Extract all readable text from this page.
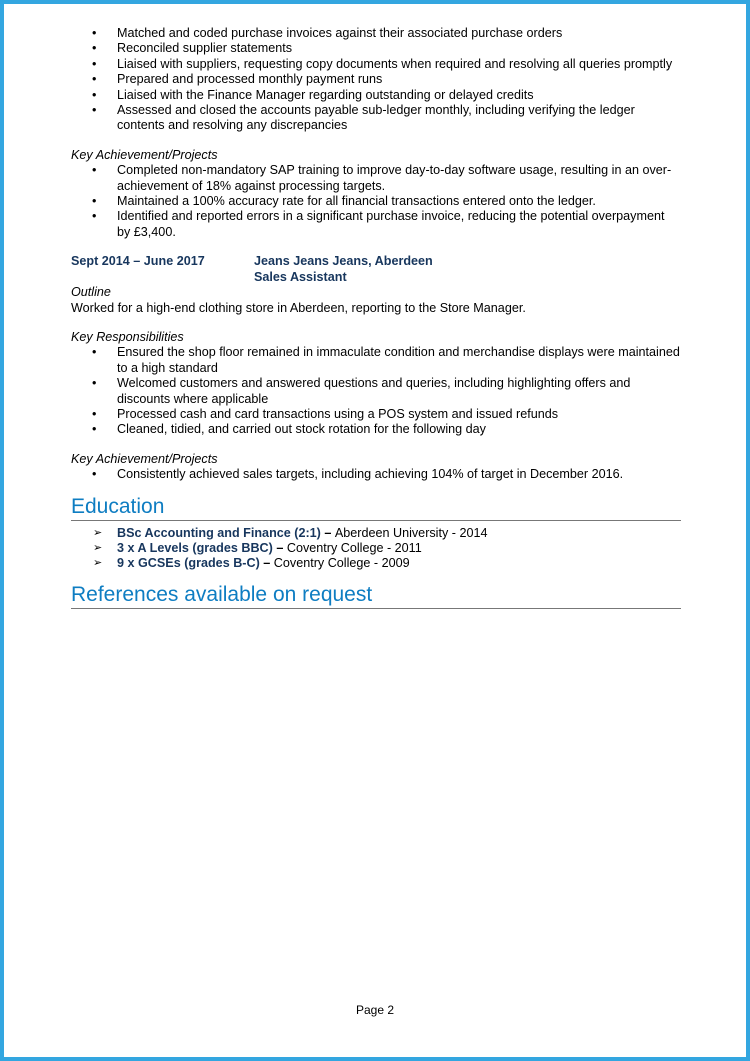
• Matched and coded purchase invoices against their associated purchase orders
• Reconciled supplier statements
• Liaised with suppliers, requesting copy documents when required and resolving all queries promptly
• Prepared and processed monthly payment runs
• Liaised with the Finance Manager regarding outstanding or delayed credits
• Assessed and closed the accounts payable sub-ledger monthly, including verifying the ledger contents and resolving any discrepancies
Key Achievement/Projects
• Completed non-mandatory SAP training to improve day-to-day software usage, resulting in an over-achievement of 18% against processing targets.
• Maintained a 100% accuracy rate for all financial transactions entered onto the ledger.
• Identified and reported errors in a significant purchase invoice, reducing the potential overpayment by £3,400.
Sept 2014 – June 2017	Jeans Jeans Jeans, Aberdeen
Sales Assistant
Outline
Worked for a high-end clothing store in Aberdeen, reporting to the Store Manager.
Key Responsibilities
• Ensured the shop floor remained in immaculate condition and merchandise displays were maintained to a high standard
• Welcomed customers and answered questions and queries, including highlighting offers and discounts where applicable
• Processed cash and card transactions using a POS system and issued refunds
• Cleaned, tidied, and carried out stock rotation for the following day
Key Achievement/Projects
• Consistently achieved sales targets, including achieving 104% of target in December 2016.
Education
➢ BSc Accounting and Finance (2:1) – Aberdeen University - 2014
➢ 3 x A Levels (grades BBC) – Coventry College - 2011
➢ 9 x GCSEs (grades B-C) – Coventry College - 2009
References available on request
Page 2
